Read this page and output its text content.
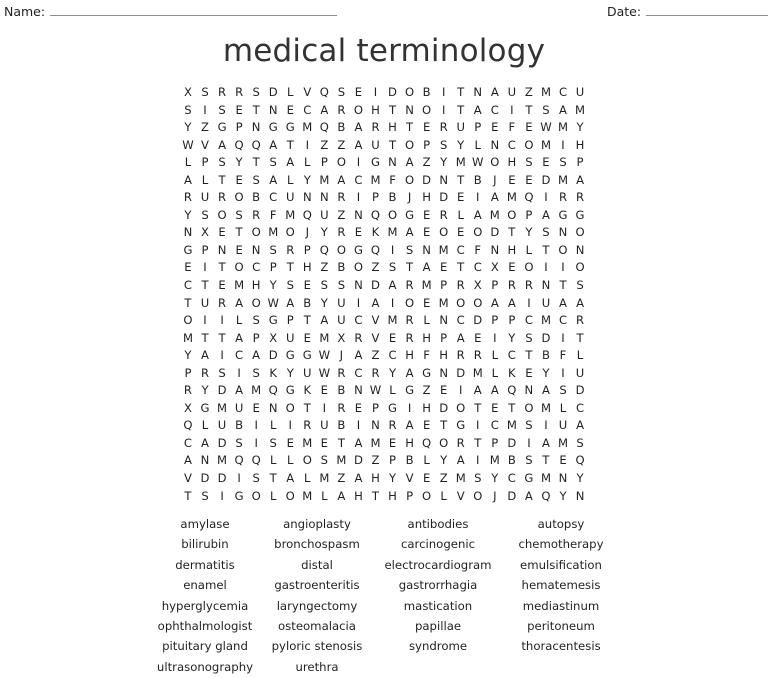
Name:	Date:
medical terminology
X S R R S D L V Q S E	I D O B I	T N A U Z M C U
S	I	S E T N E C A R O H T N O I	T A C I	T S A M
Y Z G P N G G M Q B A R H T E R U P E F E W M Y
W V A Q Q A T	I Z Z A U T O P S Y L N C O M I H
L P S Y T S A L P O I G N A Z Y M W O H S E S P
A L T E S A L Y M A C M F O D N T B J	E E D M A
R U R O B C U N N R I	P B J H D E	I A M Q I R R
Y S O S R F M Q U Z N Q O G E R L A M O P A G G
N X E T O M O J	Y R E K M A E O E O D T Y S N O
G P N E N S R P Q O G Q I	S N M C F N H L T O N
E	I	T O C P T H Z B O Z S T A E T C X E O I	I O
C T E M H Y S E S S N D A R M P R X P R R N T S
T U R A O W A B Y U I A I O E M O O A A I U A A
O I	I	L S G P T A U C V M R L N C D P P C M C R
M T T A P X U E M X R V E R H P A E	I	Y S D I	T
Y A I C A D G G W J A Z C H F H R R L C T B F L
P R S	I	S K Y U W R C R Y A G N D M L K E Y	I U
R Y D A M Q G K E B N W L G Z E	I A A Q N A S D
X G M U E N O T	I R E P G I H D O T E T O M L C
Q L U B I	L	I R U B I N R A E T G I C M S	I U A
C A D S	I	S E M E T A M E H Q O R T P D I A M S
A N M Q Q L L O S M D Z P B L Y A I M B S T E Q
V D D I	S T A L M Z A H Y V E Z M S Y C G M N Y
T S	I G O L O M L A H T H P O L V O J D A Q Y N
amylase	angioplasty	antibodies	autopsy
bilirubin	bronchospasm	carcinogenic	chemotherapy
dermatitis	distal	electrocardiogram	emulsification
enamel	gastroenteritis	gastrorrhagia	hematemesis
hyperglycemia	laryngectomy	mastication	mediastinum
ophthalmologist	osteomalacia	papillae	peritoneum
pituitary gland	pyloric stenosis	syndrome	thoracentesis
ultrasonography	urethra
